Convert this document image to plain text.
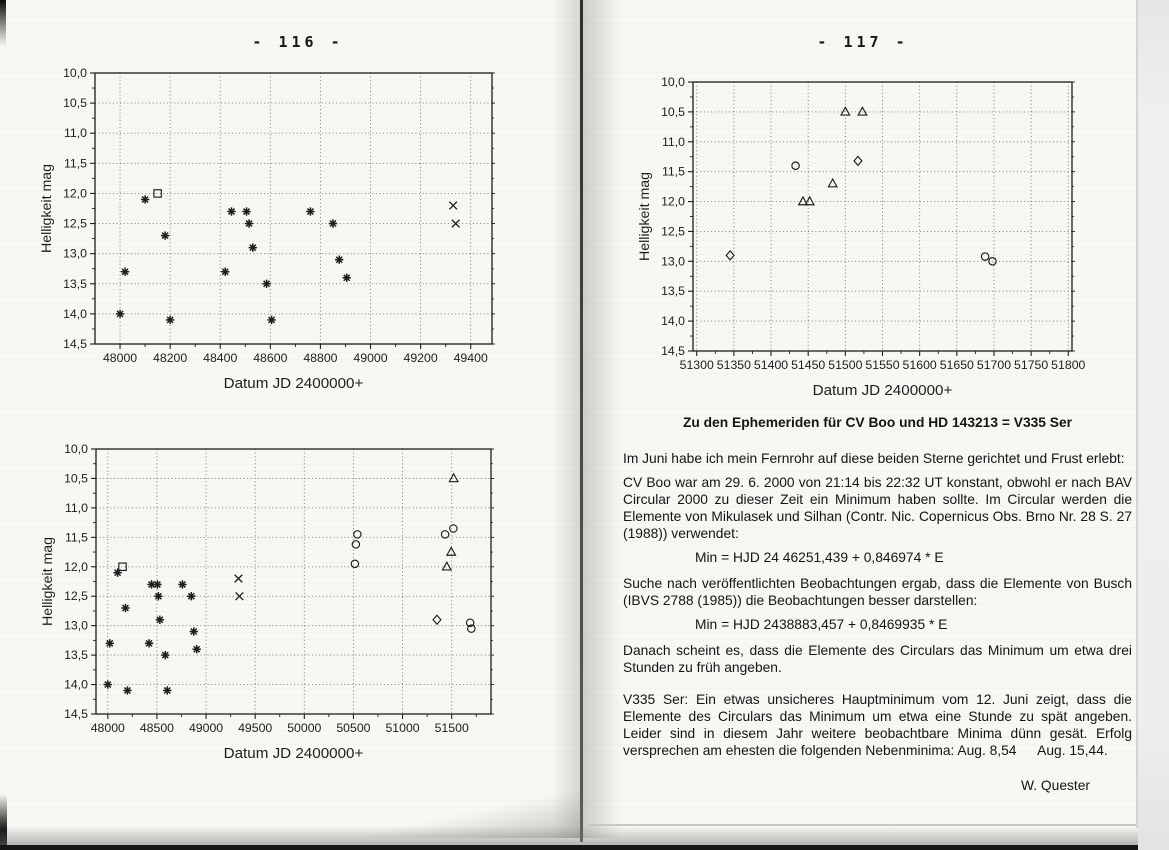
- 116 -
48000 48200 48400 48600 48800 49000 49200 49400
10,0
10,5
11,0
11,5
12,0
12,5
13,0
13,5
14,0
14,5
Datum JD 2400000+
Helligkeit mag
48000 48500 49000 49500 50000 50500 51000 51500
10,0
10,5
11,0
11,5
12,0
12,5
13,0
13,5
14,0
14,5
Datum JD 2400000+
Helligkeit mag
- 117 -
51300 51350 51400 51450 51500 51550 51600 51650 51700 51750 51800
10,0
10,5
11,0
11,5
12,0
12,5
13,0
13,5
14,0
14,5
Datum JD 2400000+
Helligkeit mag
Zu den Ephemeriden für CV Boo und HD 143213 = V335 Ser

Im Juni habe ich mein Fernrohr auf diese beiden Sterne gerichtet und Frust erlebt:

CV Boo war am 29. 6. 2000 von 21:14 bis 22:32 UT konstant, obwohl er nach BAV Circular 2000 zu dieser Zeit ein Minimum haben sollte. Im Circular werden die Elemente von Mikulasek und Silhan (Contr. Nic. Copernicus Obs. Brno Nr. 28 S. 27 (1988)) verwendet:

Min = HJD 24 46251,439 + 0,846974 * E

Suche nach veröffentlichten Beobachtungen ergab, dass die Elemente von Busch (IBVS 2788 (1985)) die Beobachtungen besser darstellen:

Min = HJD 2438883,457 + 0,8469935 * E

Danach scheint es, dass die Elemente des Circulars das Minimum um etwa drei Stunden zu früh angeben.

V335 Ser: Ein etwas unsicheres Hauptminimum vom 12. Juni zeigt, dass die Elemente des Circulars das Minimum um etwa eine Stunde zu spät angeben. Leider sind in diesem Jahr weitere beobachtbare Minima dünn gesät. Erfolg versprechen am ehesten die folgenden Nebenminima: Aug. 8,54  Aug. 15,44.

W. Quester
